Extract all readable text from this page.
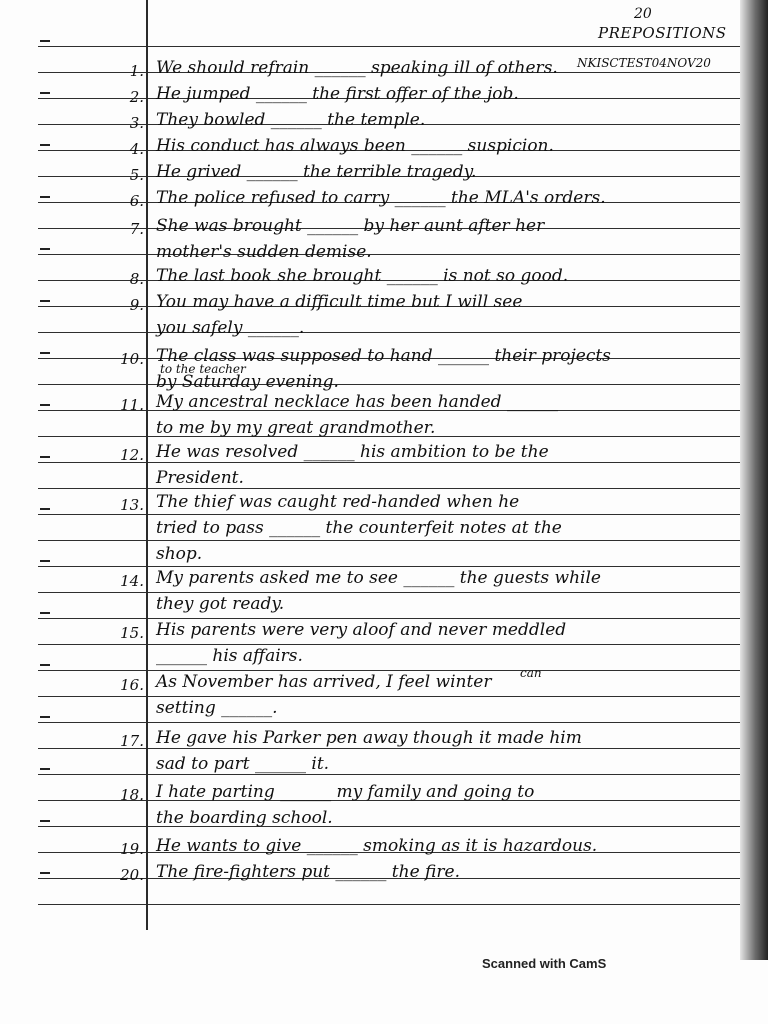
20
PREPOSITIONS
NKISCTEST04NOV20
1. We should refrain ______ speaking ill of others.
2. He jumped ______ the first offer of the job.
3. They bowled ______ the temple.
4. His conduct has always been ______ suspicion.
5. He grived ______ the terrible tragedy.
6. The police refused to carry ______ the MLA's orders.
7. She was brought ______ by her aunt after her
mother's sudden demise.
8. The last book she brought ______ is not so good.
9. You may have a difficult time but I will see
you safely ______.
10. The class was supposed to hand ______ their projects
by Saturday evening.
11. My ancestral necklace has been handed ______
to me by my great grandmother.
12. He was resolved ______ his ambition to be the
President.
13. The thief was caught red-handed when he
tried to pass ______ the counterfeit notes at the
shop.
14. My parents asked me to see ______ the guests while
they got ready.
15. His parents were very aloof and never meddled
______ his affairs.
16. As November has arrived, I feel winter
setting ______.
17. He gave his Parker pen away though it made him
sad to part ______ it.
18. I hate parting ______ my family and going to
the boarding school.
19. He wants to give ______ smoking as it is hazardous.
20. The fire-fighters put ______ the fire.
to the teacher
can
Scanned with CamS
